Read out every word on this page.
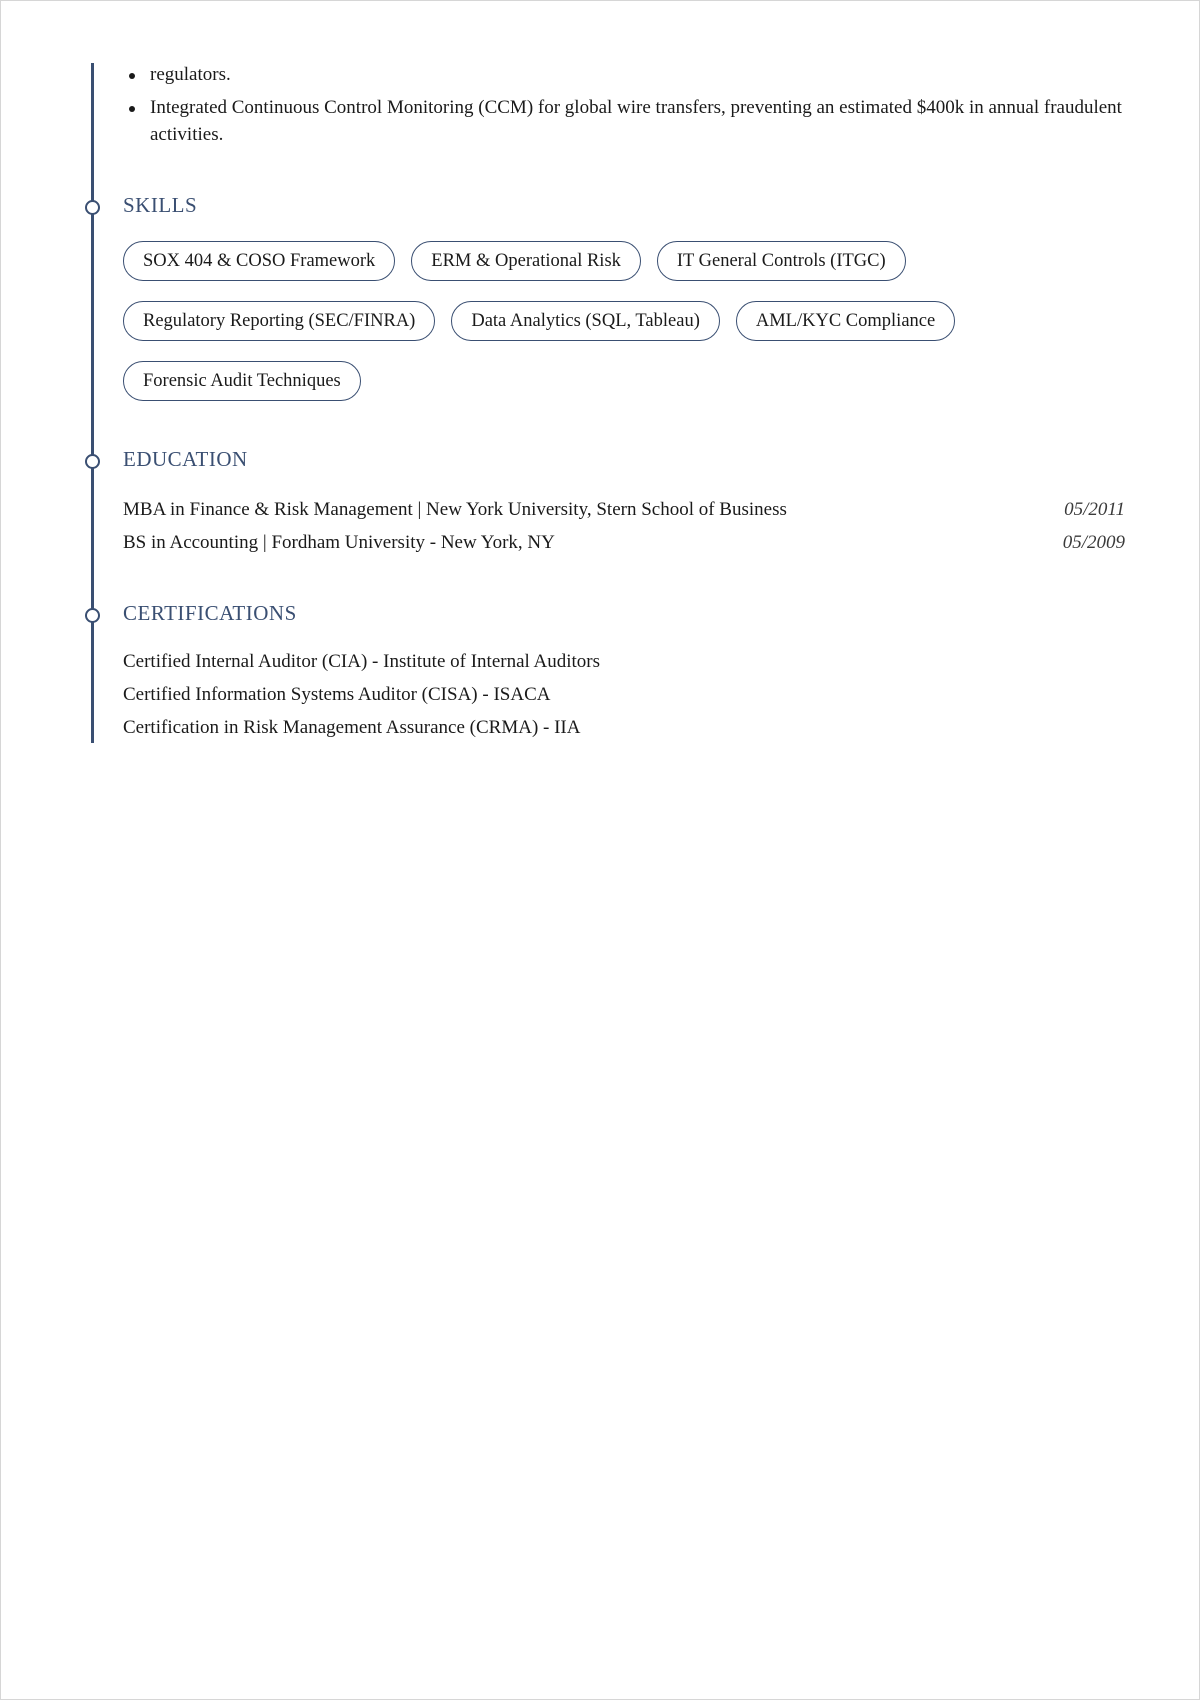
regulators.
Integrated Continuous Control Monitoring (CCM) for global wire transfers, preventing an estimated $400k in annual fraudulent activities.
SKILLS
SOX 404 & COSO Framework	ERM & Operational Risk	IT General Controls (ITGC)
Regulatory Reporting (SEC/FINRA)	Data Analytics (SQL, Tableau)	AML/KYC Compliance
Forensic Audit Techniques
EDUCATION
MBA in Finance & Risk Management | New York University, Stern School of Business	05/2011
BS in Accounting | Fordham University - New York, NY	05/2009
CERTIFICATIONS
Certified Internal Auditor (CIA) - Institute of Internal Auditors
Certified Information Systems Auditor (CISA) - ISACA
Certification in Risk Management Assurance (CRMA) - IIA
